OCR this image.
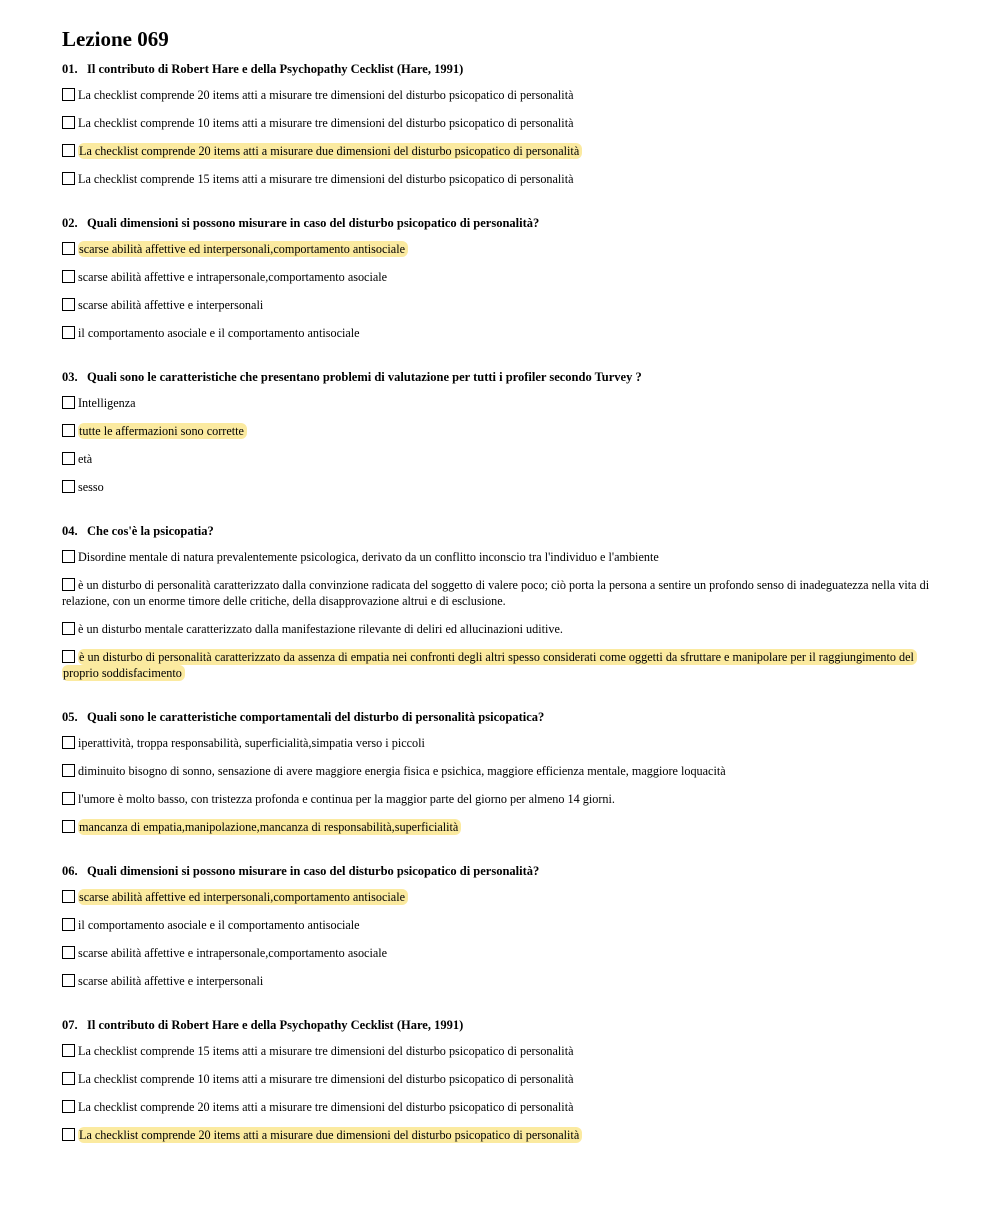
Lezione 069
01. Il contributo di Robert Hare e della Psychopathy Cecklist (Hare, 1991)
La checklist comprende 20 items atti a misurare tre dimensioni del disturbo psicopatico di personalità
La checklist comprende 10 items atti a misurare tre dimensioni del disturbo psicopatico di personalità
La checklist comprende 20 items atti a misurare due dimensioni del disturbo psicopatico di personalità
La checklist comprende 15 items atti a misurare tre dimensioni del disturbo psicopatico di personalità
02. Quali dimensioni si possono misurare in caso del disturbo psicopatico di personalità?
scarse abilità affettive ed interpersonali,comportamento antisociale
scarse abilità affettive e intrapersonale,comportamento asociale
scarse abilità affettive e interpersonali
il comportamento asociale e il comportamento antisociale
03. Quali sono le caratteristiche che presentano problemi di valutazione per tutti i profiler secondo Turvey ?
Intelligenza
tutte le affermazioni sono corrette
età
sesso
04. Che cos'è la psicopatia?
Disordine mentale di natura prevalentemente psicologica, derivato da un conflitto inconscio tra l'individuo e l'ambiente
è un disturbo di personalità caratterizzato dalla convinzione radicata del soggetto di valere poco; ciò porta la persona a sentire un profondo senso di inadeguatezza nella vita di relazione, con un enorme timore delle critiche, della disapprovazione altrui e di esclusione.
è un disturbo mentale caratterizzato dalla manifestazione rilevante di deliri ed allucinazioni uditive.
è un disturbo di personalità caratterizzato da assenza di empatia nei confronti degli altri spesso considerati come oggetti da sfruttare e manipolare per il raggiungimento del proprio soddisfacimento
05. Quali sono le caratteristiche comportamentali del disturbo di personalità psicopatica?
iperattività, troppa responsabilità, superficialità,simpatia verso i piccoli
diminuito bisogno di sonno, sensazione di avere maggiore energia fisica e psichica, maggiore efficienza mentale, maggiore loquacità
l'umore è molto basso, con tristezza profonda e continua per la maggior parte del giorno per almeno 14 giorni.
mancanza di empatia,manipolazione,mancanza di responsabilità,superficialità
06. Quali dimensioni si possono misurare in caso del disturbo psicopatico di personalità?
scarse abilità affettive ed interpersonali,comportamento antisociale
il comportamento asociale e il comportamento antisociale
scarse abilità affettive e intrapersonale,comportamento asociale
scarse abilità affettive e interpersonali
07. Il contributo di Robert Hare e della Psychopathy Cecklist (Hare, 1991)
La checklist comprende 15 items atti a misurare tre dimensioni del disturbo psicopatico di personalità
La checklist comprende 10 items atti a misurare tre dimensioni del disturbo psicopatico di personalità
La checklist comprende 20 items atti a misurare tre dimensioni del disturbo psicopatico di personalità
La checklist comprende 20 items atti a misurare due dimensioni del disturbo psicopatico di personalità
